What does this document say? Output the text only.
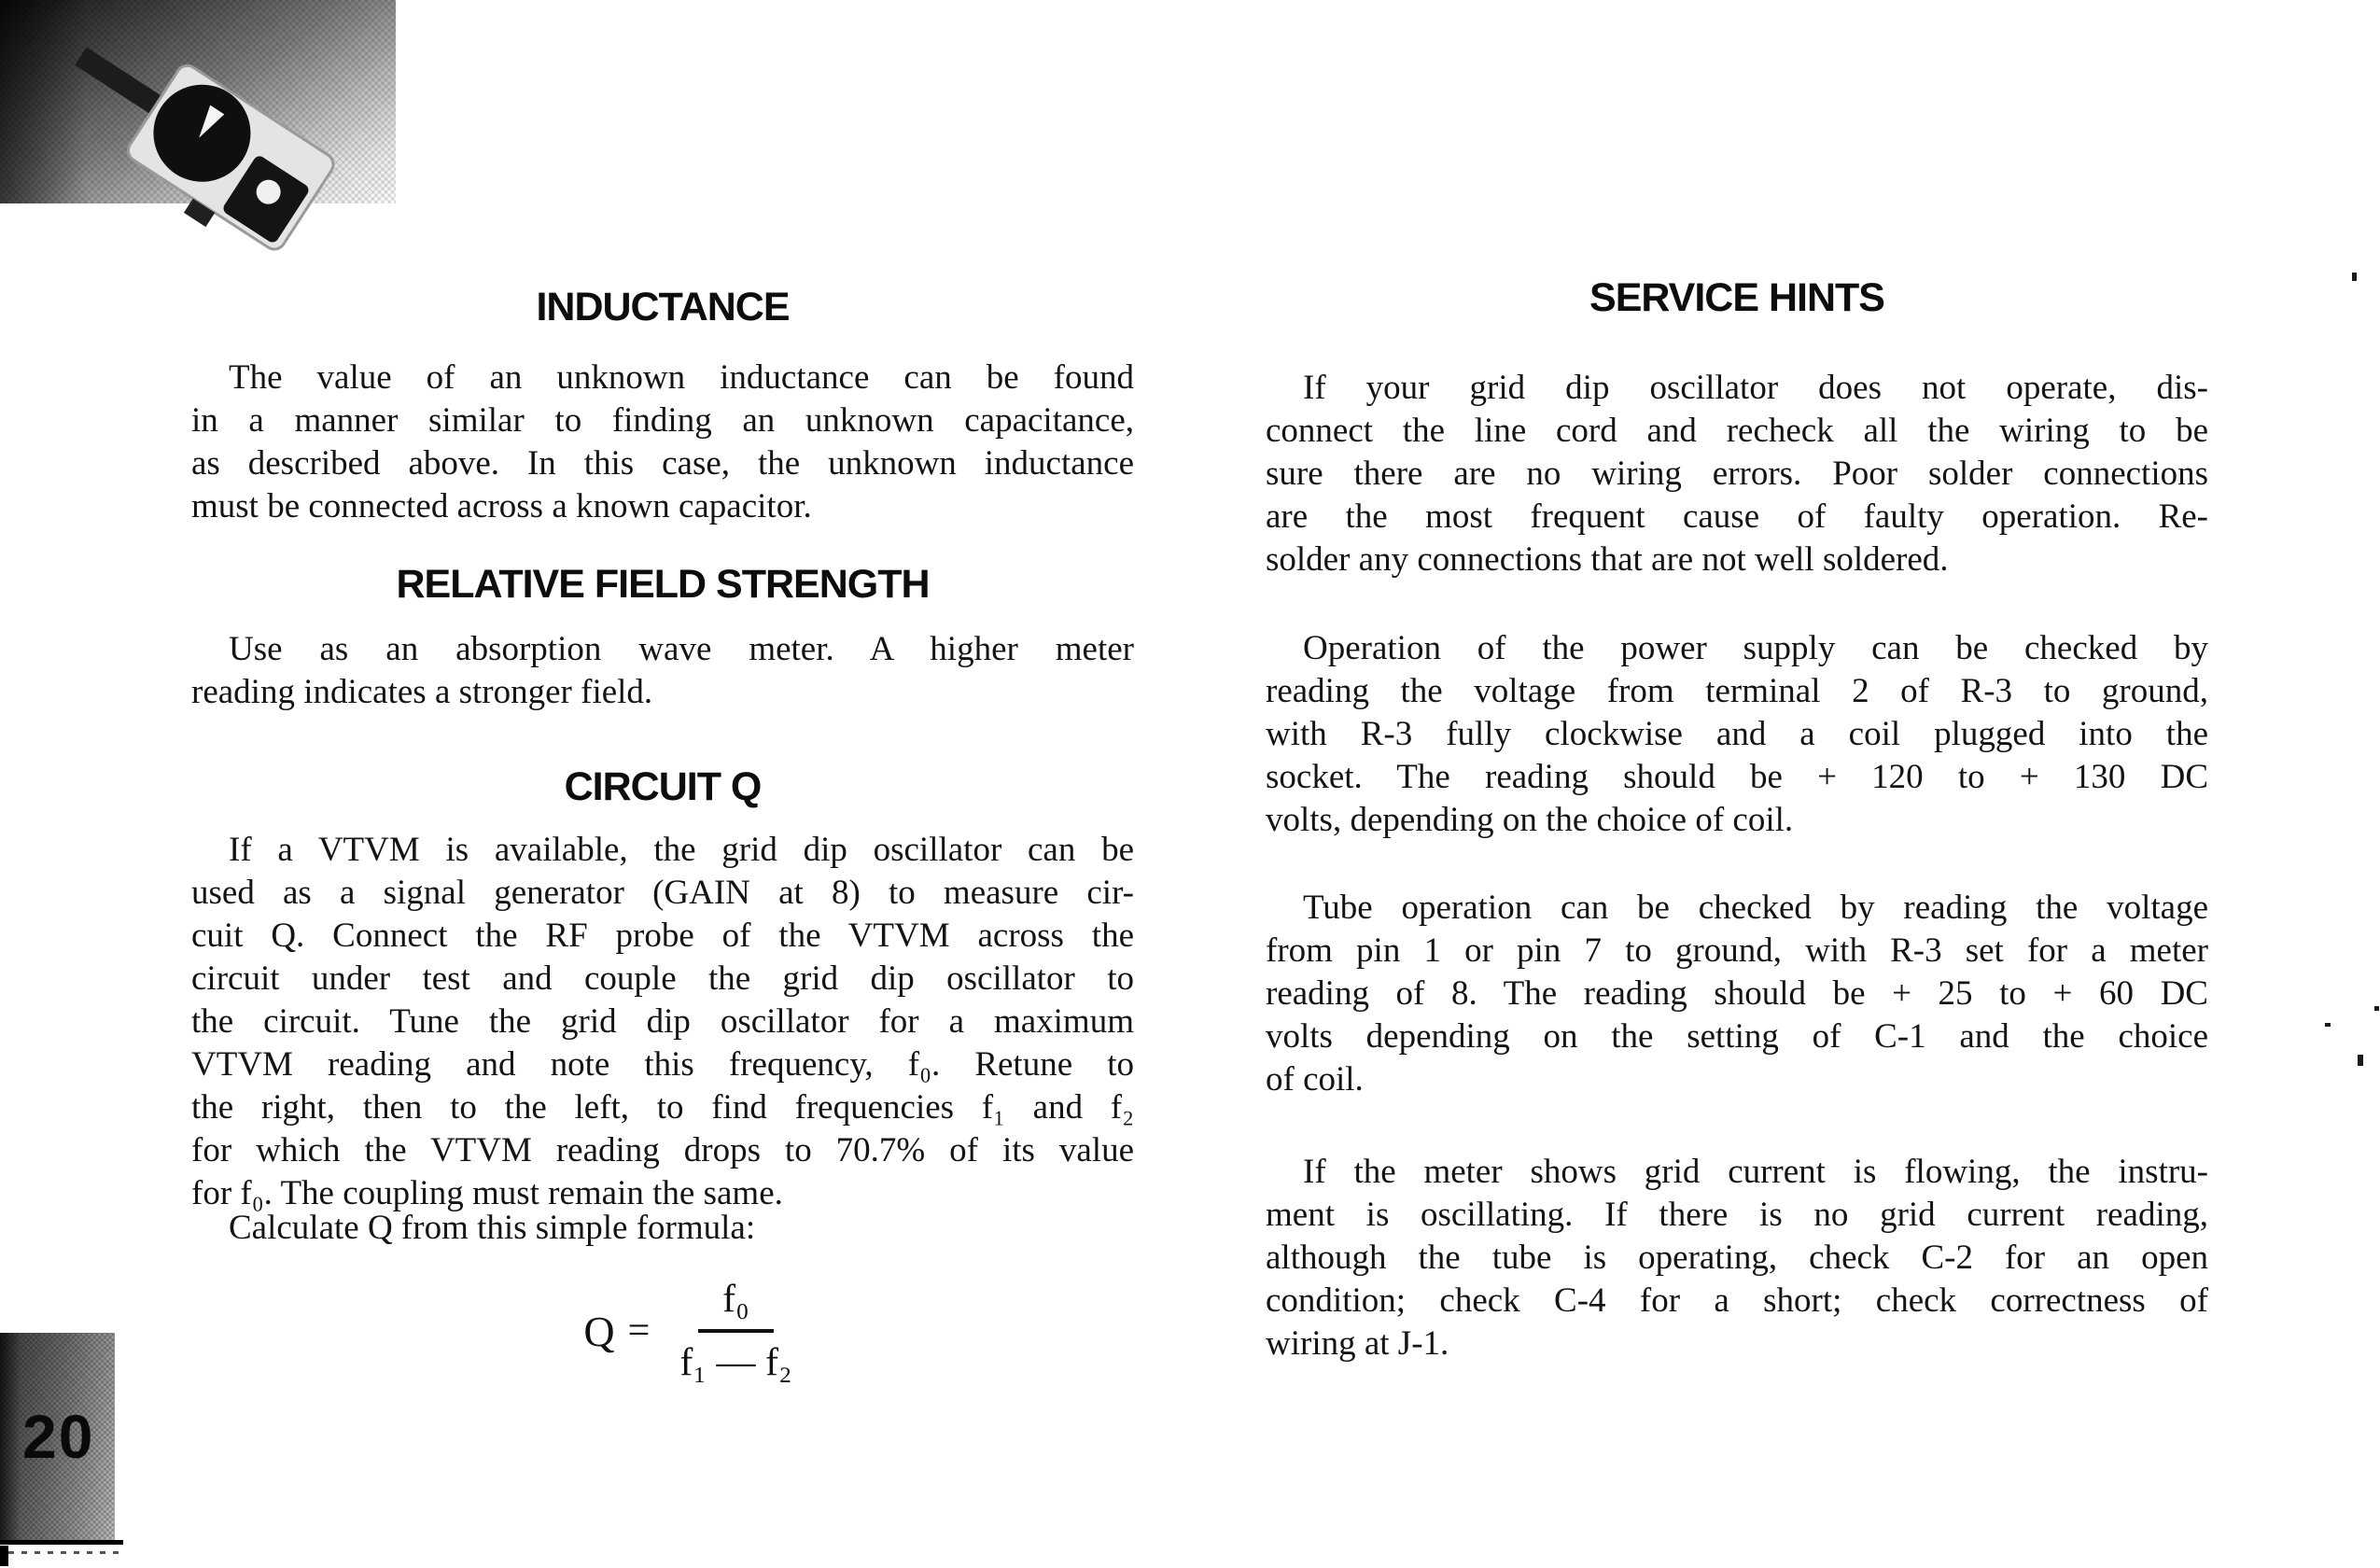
INDUCTANCE
The value of an unknown inductance can be found
in a manner similar to finding an unknown capacitance,
as described above. In this case, the unknown inductance
must be connected across a known capacitor.
RELATIVE FIELD STRENGTH
Use as an absorption wave meter. A higher meter
reading indicates a stronger field.
CIRCUIT Q
If a VTVM is available, the grid dip oscillator can be
used as a signal generator (GAIN at 8) to measure cir-
cuit Q. Connect the RF probe of the VTVM across the
circuit under test and couple the grid dip oscillator to
the circuit. Tune the grid dip oscillator for a maximum
VTVM reading and note this frequency, f₀. Retune to
the right, then to the left, to find frequencies f₁ and f₂
for which the VTVM reading drops to 70.7% of its value
for f₀. The coupling must remain the same.
Calculate Q from this simple formula:
$Q = \frac{\text{f₀}}{\text{f₁ — f₂}}$
SERVICE HINTS
If your grid dip oscillator does not operate, dis-
connect the line cord and recheck all the wiring to be
sure there are no wiring errors. Poor solder connections
are the most frequent cause of faulty operation. Re-
solder any connections that are not well soldered.
Operation of the power supply can be checked by
reading the voltage from terminal 2 of R-3 to ground,
with R-3 fully clockwise and a coil plugged into the
socket. The reading should be + 120 to + 130 DC
volts, depending on the choice of coil.
Tube operation can be checked by reading the voltage
from pin 1 or pin 7 to ground, with R-3 set for a meter
reading of 8. The reading should be + 25 to + 60 DC
volts depending on the setting of C-1 and the choice
of coil.
If the meter shows grid current is flowing, the instru-
ment is oscillating. If there is no grid current reading,
although the tube is operating, check C-2 for an open
condition; check C-4 for a short; check correctness of
wiring at J-1.
20
